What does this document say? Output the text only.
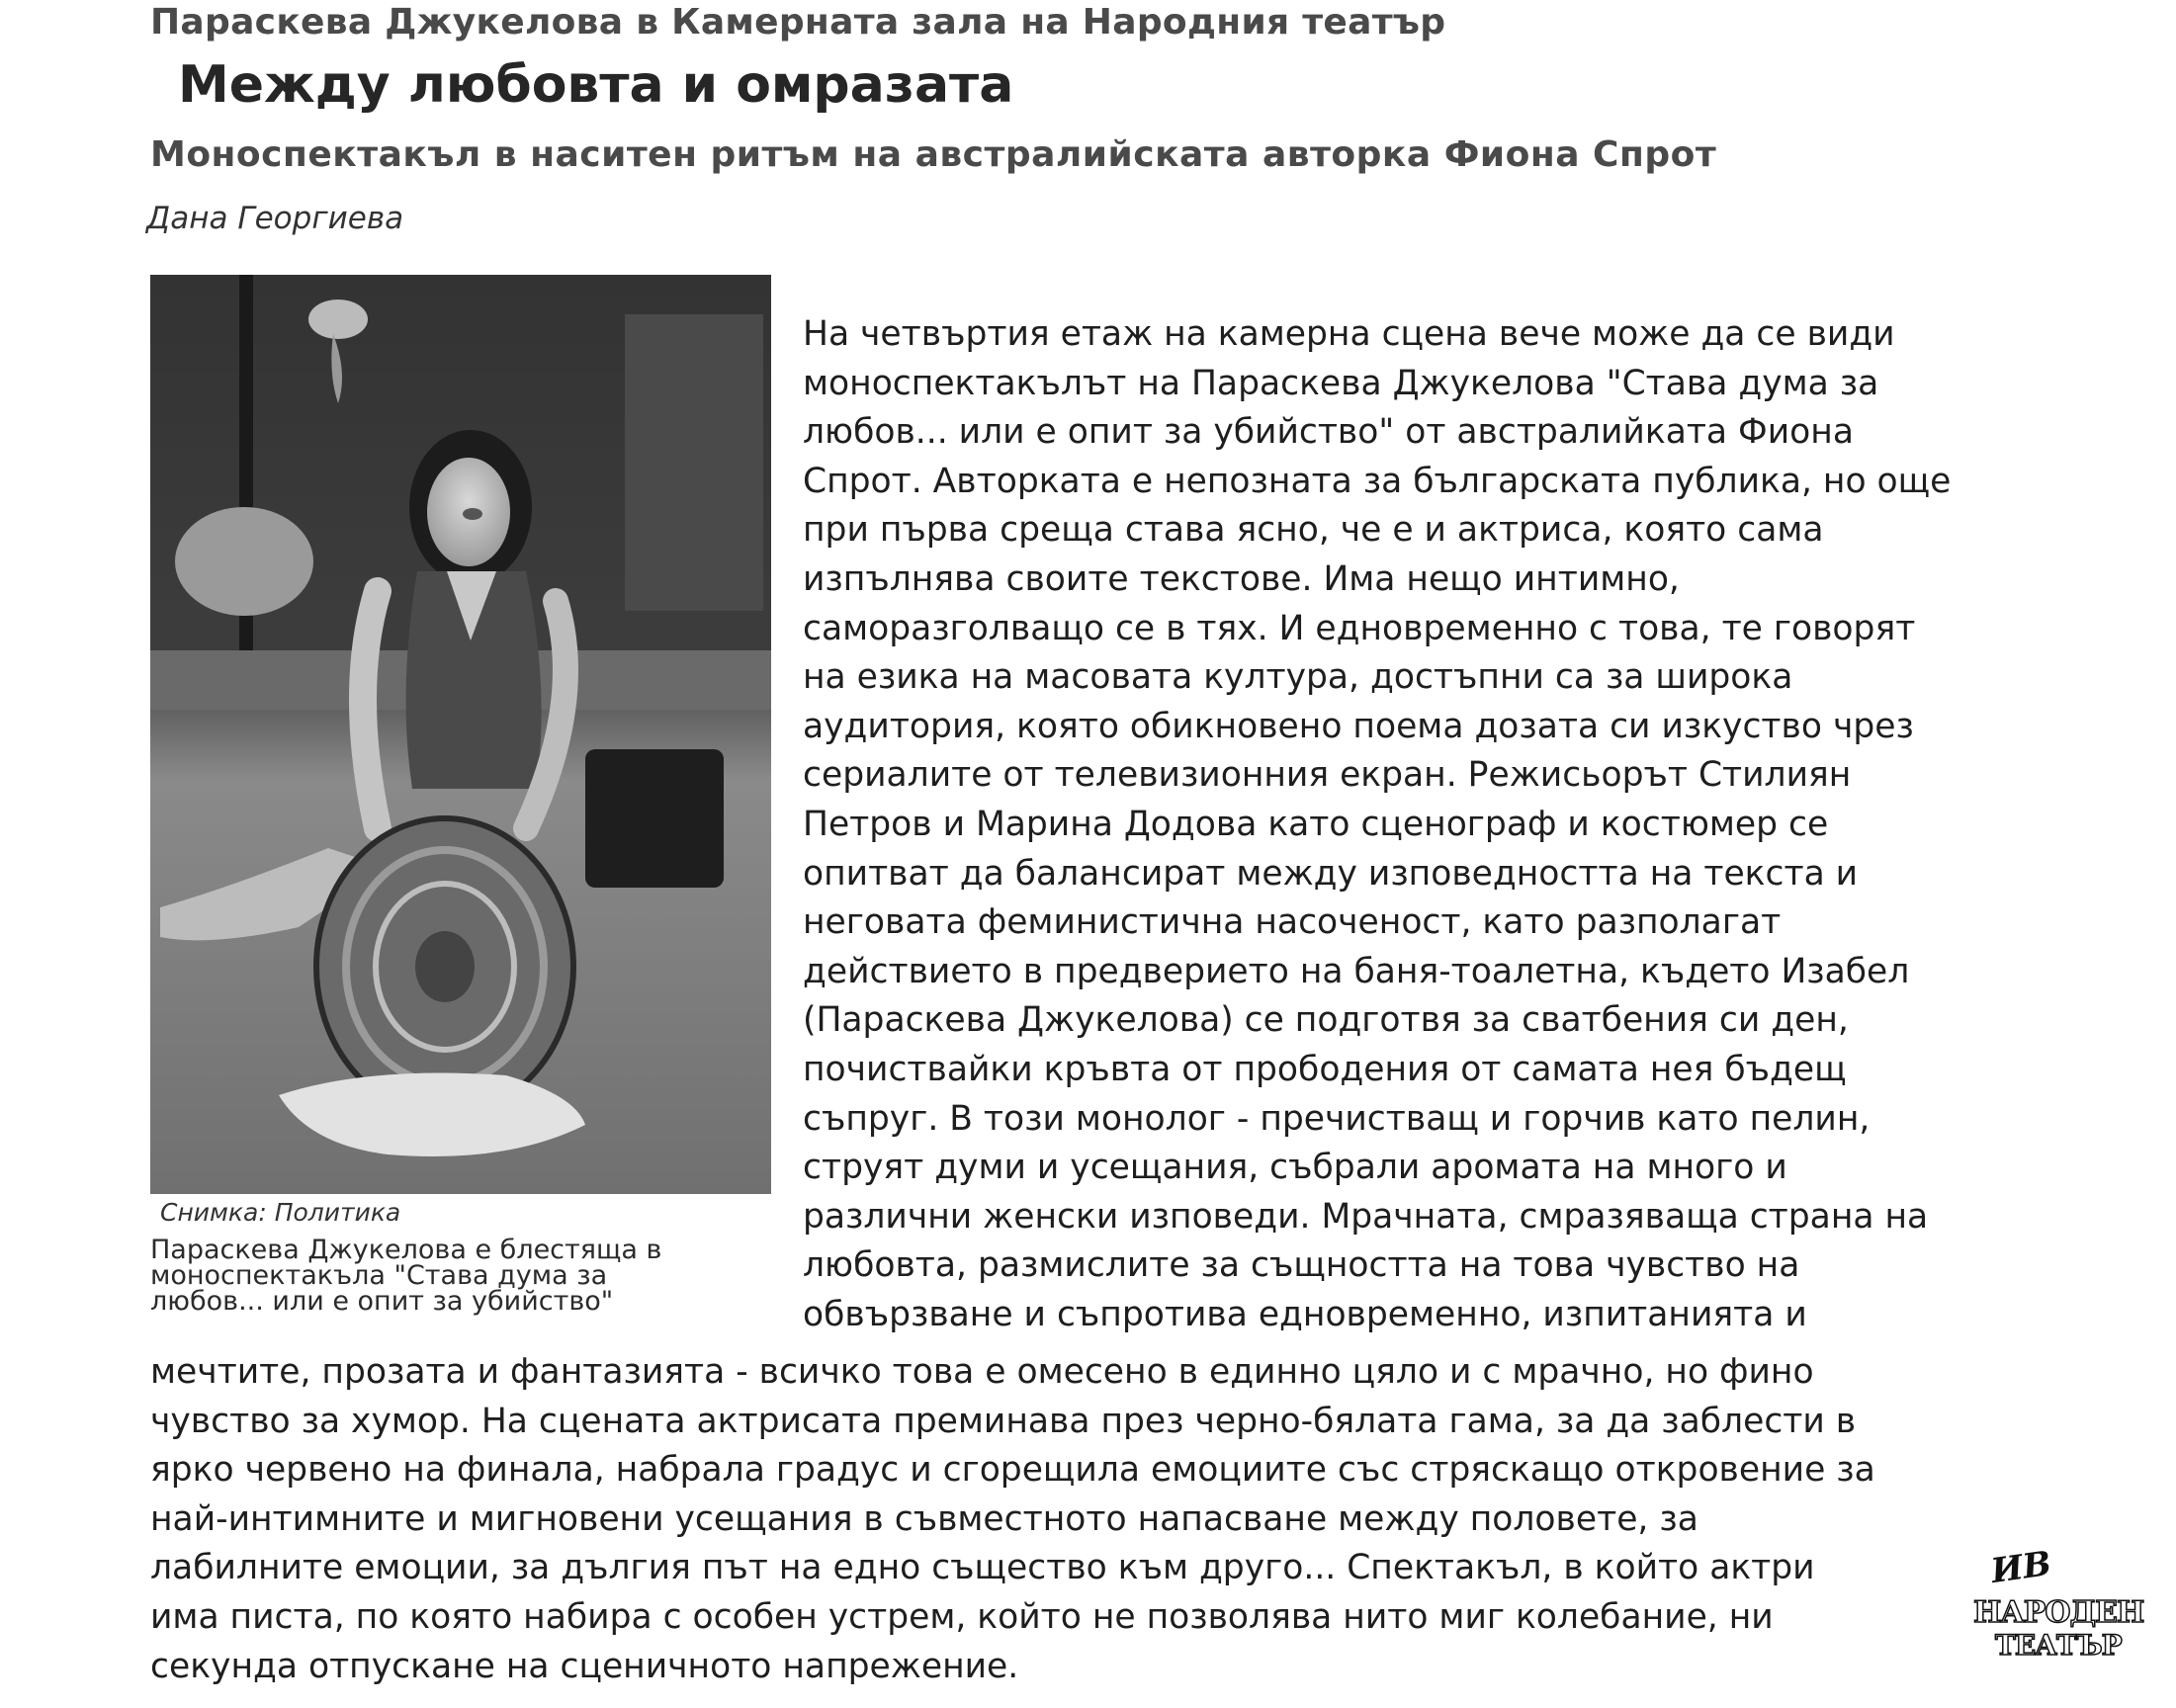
Параскева Джукелова в Камерната зала на Народния театър
Между любовта и омразата
Моноспектакъл в наситен ритъм на австралийската авторка Фиона Спрот
Дана Георгиева
Снимка: Политика
Параскева Джукелова е блестяща в
моноспектакъла "Става дума за
любов... или е опит за убийство"
На четвъртия етаж на камерна сцена вече може да се види
моноспектакълът на Параскева Джукелова "Става дума за
любов... или е опит за убийство" от австралийката Фиона
Спрот. Авторката е непозната за българската публика, но още
при първа среща става ясно, че е и актриса, която сама
изпълнява своите текстове. Има нещо интимно,
саморазголващо се в тях. И едновременно с това, те говорят
на езика на масовата култура, достъпни са за широка
аудитория, която обикновено поема дозата си изкуство чрез
сериалите от телевизионния екран. Режисьорът Стилиян
Петров и Марина Додова като сценограф и костюмер се
опитват да балансират между изповедността на текста и
неговата феминистична насоченост, като разполагат
действието в предверието на баня-тоалетна, където Изабел
(Параскева Джукелова) се подготвя за сватбения си ден,
почиствайки кръвта от прободения от самата нея бъдещ
съпруг. В този монолог - пречистващ и горчив като пелин,
струят думи и усещания, събрали аромата на много и
различни женски изповеди. Мрачната, смразяваща страна на
любовта, размислите за същността на това чувство на
обвързване и съпротива едновременно, изпитанията и
мечтите, прозата и фантазията - всичко това е омесено в единно цяло и с мрачно, но фино
чувство за хумор. На сцената актрисата преминава през черно-бялата гама, за да заблести в
ярко червено на финала, набрала градус и сгорещила емоциите със стряскащо откровение за
най-интимните и мигновени усещания в съвместното напасване между половете, за
лабилните емоции, за дългия път на едно същество към друго... Спектакъл, в който актри
има писта, по която набира с особен устрем, който не позволява нито миг колебание, ни
секунда отпускане на сценичното напрежение.
ИВ
НАРОДЕН
ТЕАТЪР
